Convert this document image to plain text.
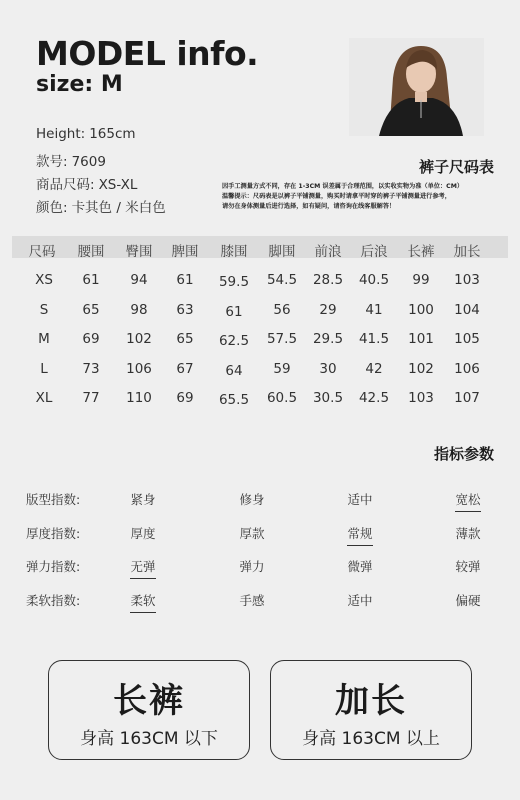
MODEL info.
size: M
Height: 165cm
款号: 7609
商品尺码: XS-XL
颜色: 卡其色 / 米白色
裤子尺码表
因手工测量方式不同，存在 1-3CM 误差属于合理范围，以实收实物为准（单位：CM）
温馨提示：尺码表是以裤子平铺测量，购买时请拿平时穿的裤子平铺测量进行参考，
请勿在身体测量后进行选择，如有疑问，请咨询在线客服解答！
尺码	腰围	臀围	脾围	膝围	脚围	前浪	后浪	长裤	加长
XS	61	94	61	59.5	54.5	28.5	40.5	99	103
S	65	98	63	61	56	29	41	100	104
M	69	102	65	62.5	57.5	29.5	41.5	101	105
L	73	106	67	64	59	30	42	102	106
XL	77	110	69	65.5	60.5	30.5	42.5	103	107
指标参数
版型指数:	紧身	修身	适中	宽松
厚度指数:	厚度	厚款	常规	薄款
弹力指数:	无弹	弹力	微弹	较弹
柔软指数:	柔软	手感	适中	偏硬
长裤
身高 163CM 以下
加长
身高 163CM 以上
